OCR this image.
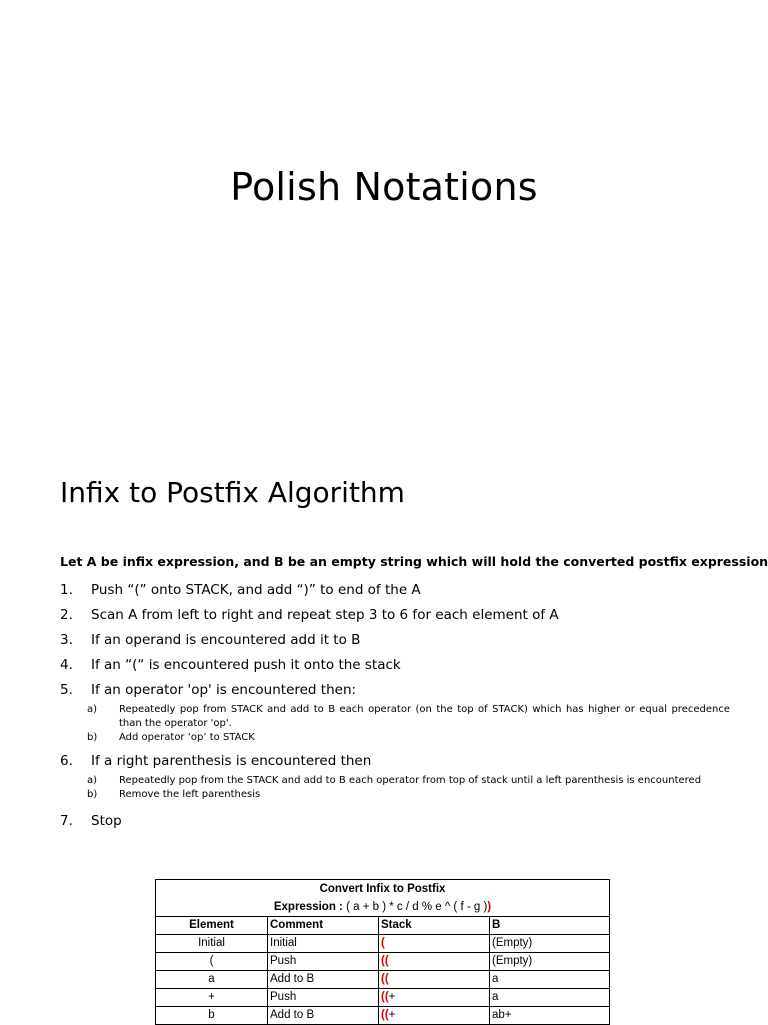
Polish Notations
Infix to Postfix Algorithm
Let A be infix expression, and B be an empty string which will hold the converted postfix expression
1.	Push “(” onto STACK, and add “)” to end of the A
2.	Scan A from left to right and repeat step 3 to 6 for each element of A
3.	If an operand is encountered add it to B
4.	If an “(“ is encountered push it onto the stack
5.	If an operator 'op' is encountered then:
a)	Repeatedly pop from STACK and add to B each operator (on the top of STACK) which has higher or equal precedence than the operator 'op'.
b)	Add operator ‘op’ to STACK
6.	If a right parenthesis is encountered then
a)	Repeatedly pop from the STACK and add to B each operator from top of stack until a left parenthesis is encountered
b)	Remove the left parenthesis
7.	Stop
Convert Infix to Postfix			
Expression : ( a + b ) * c / d % e ^ ( f - g ))			
Element	Comment	Stack	B
Initial	Initial	(	(Empty)
(	Push	((	(Empty)
a	Add to B	((	a
+	Push	((+	a
b	Add to B	((+	ab+
